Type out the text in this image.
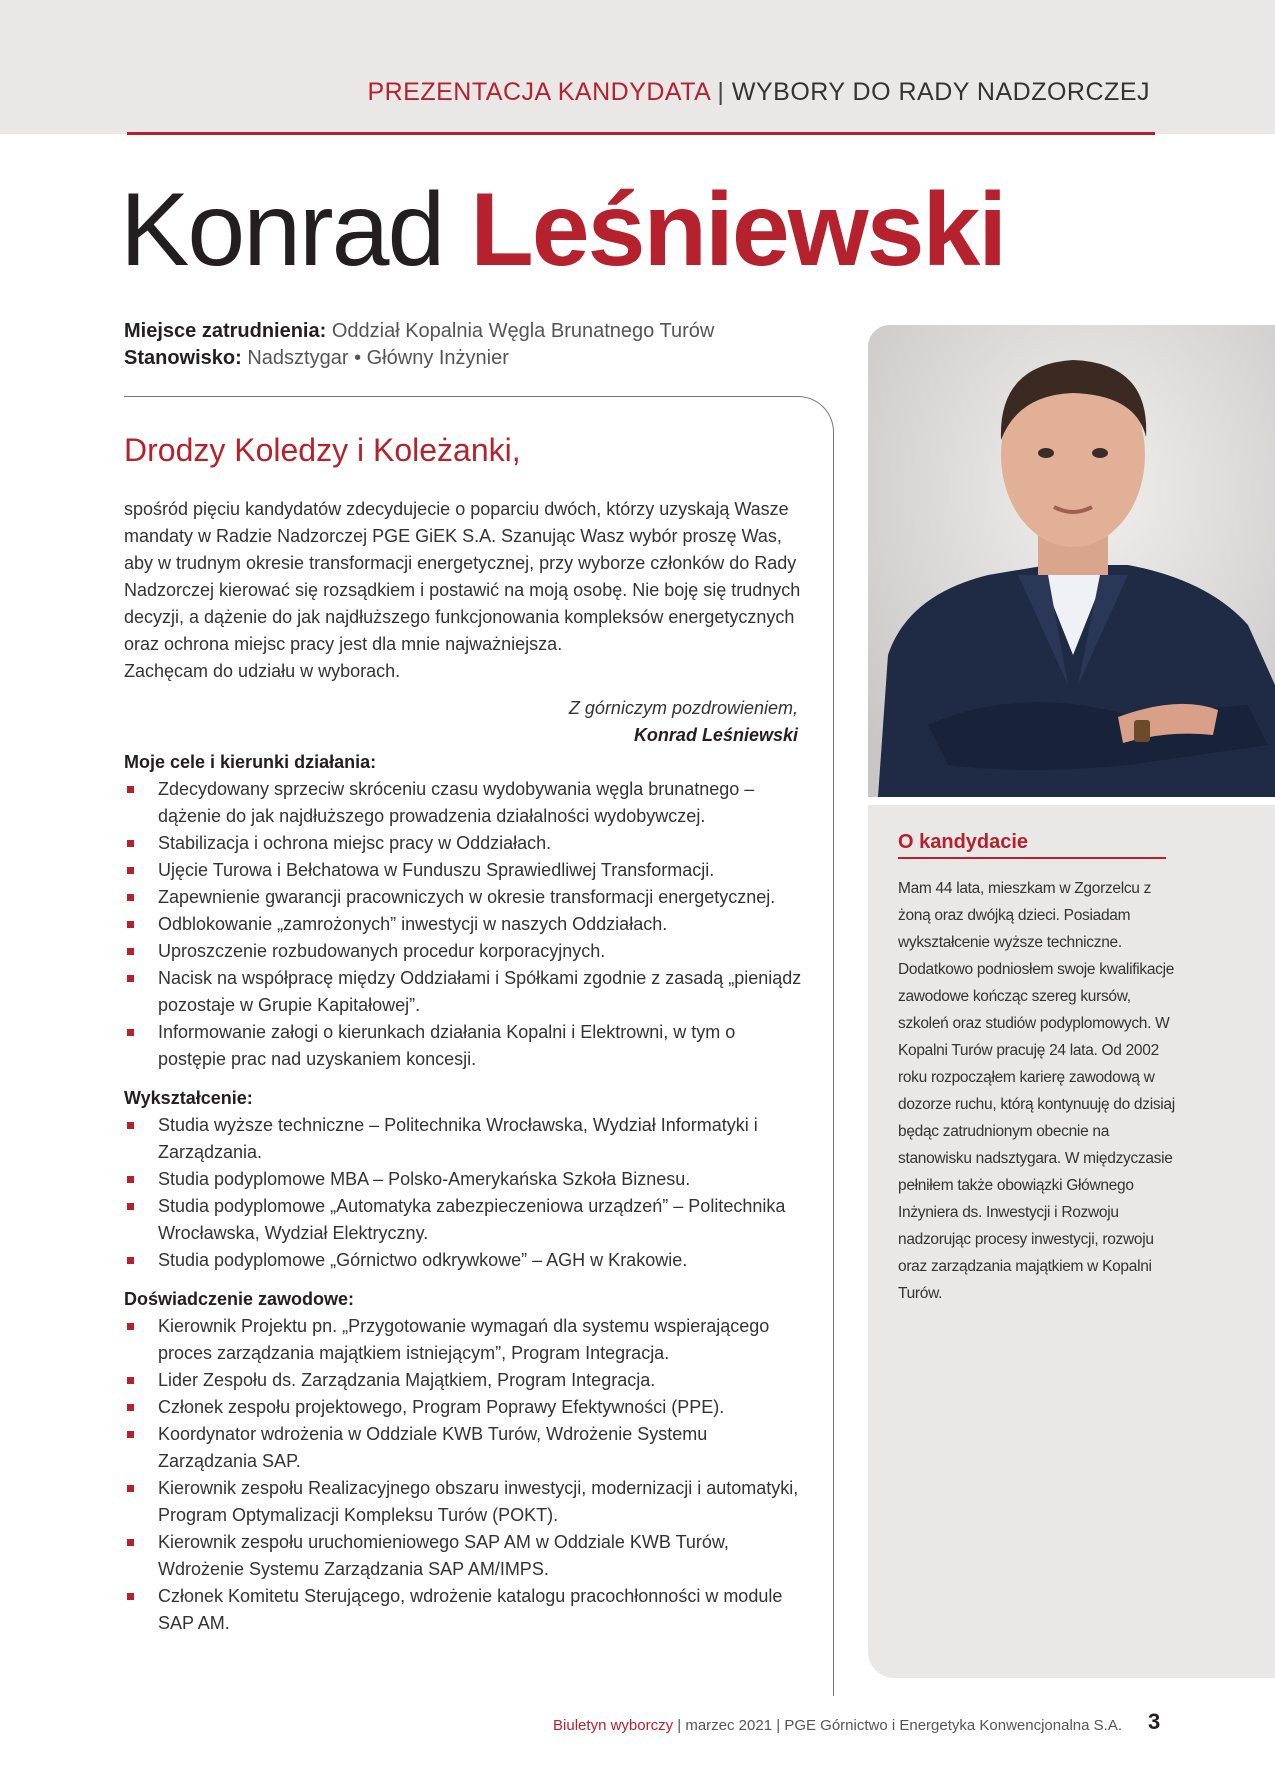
PREZENTACJA KANDYDATA | WYBORY DO RADY NADZORCZEJ
Konrad Leśniewski
Miejsce zatrudnienia: Oddział Kopalnia Węgla Brunatnego Turów
Stanowisko: Nadsztygar • Główny Inżynier
Drodzy Koledzy i Koleżanki,

spośród pięciu kandydatów zdecydujecie o poparciu dwóch, którzy uzyskają Wasze mandaty w Radzie Nadzorczej PGE GiEK S.A. Szanując Wasz wybór proszę Was, aby w trudnym okresie transformacji energetycznej, przy wyborze członków do Rady Nadzorczej kierować się rozsądkiem i postawić na moją osobę. Nie boję się trudnych decyzji, a dążenie do jak najdłuższego funkcjonowania kompleksów energetycznych oraz ochrona miejsc pracy jest dla mnie najważniejsza.

Zachęcam do udziału w wyborach.

Z górniczym pozdrowieniem,
Konrad Leśniewski

Moje cele i kierunki działania:

Zdecydowany sprzeciw skróceniu czasu wydobywania węgla brunatnego – dążenie do jak najdłuższego prowadzenia działalności wydobywczej.
Stabilizacja i ochrona miejsc pracy w Oddziałach.
Ujęcie Turowa i Bełchatowa w Funduszu Sprawiedliwej Transformacji.
Zapewnienie gwarancji pracowniczych w okresie transformacji energetycznej.
Odblokowanie „zamrożonych” inwestycji w naszych Oddziałach.
Uproszczenie rozbudowanych procedur korporacyjnych.
Nacisk na współpracę między Oddziałami i Spółkami zgodnie z zasadą „pieniądz pozostaje w Grupie Kapitałowej”.
Informowanie załogi o kierunkach działania Kopalni i Elektrowni, w tym o postępie prac nad uzyskaniem koncesji.

Wykształcenie:

Studia wyższe techniczne – Politechnika Wrocławska, Wydział Informatyki i Zarządzania.
Studia podyplomowe MBA – Polsko-Amerykańska Szkoła Biznesu.
Studia podyplomowe „Automatyka zabezpieczeniowa urządzeń” – Politechnika Wrocławska, Wydział Elektryczny.
Studia podyplomowe „Górnictwo odkrywkowe” – AGH w Krakowie.

Doświadczenie zawodowe:

Kierownik Projektu pn. „Przygotowanie wymagań dla systemu wspierającego proces zarządzania majątkiem istniejącym”, Program Integracja.
Lider Zespołu ds. Zarządzania Majątkiem, Program Integracja.
Członek zespołu projektowego, Program Poprawy Efektywności (PPE).
Koordynator wdrożenia w Oddziale KWB Turów, Wdrożenie Systemu Zarządzania SAP.
Kierownik zespołu Realizacyjnego obszaru inwestycji, modernizacji i automatyki, Program Optymalizacji Kompleksu Turów (POKT).
Kierownik zespołu uruchomieniowego SAP AM w Oddziale KWB Turów, Wdrożenie Systemu Zarządzania SAP AM/IMPS.
Członek Komitetu Sterującego, wdrożenie katalogu pracochłonności w module SAP AM.
O kandydacie
Mam 44 lata, mieszkam w Zgorzelcu z żoną oraz dwójką dzieci. Posiadam wykształcenie wyższe techniczne. Dodatkowo podniosłem swoje kwalifikacje zawodowe kończąc szereg kursów, szkoleń oraz studiów podyplomowych. W Kopalni Turów pracuję 24 lata. Od 2002 roku rozpocząłem karierę zawodową w dozorze ruchu, którą kontynuuję do dzisiaj będąc zatrudnionym obecnie na stanowisku nadsztygara. W międzyczasie pełniłem także obowiązki Głównego Inżyniera ds. Inwestycji i Rozwoju nadzorując procesy inwestycji, rozwoju oraz zarządzania majątkiem w Kopalni Turów.
Biuletyn wyborczy | marzec 2021 | PGE Górnictwo i Energetyka Konwencjonalna S.A. 3
